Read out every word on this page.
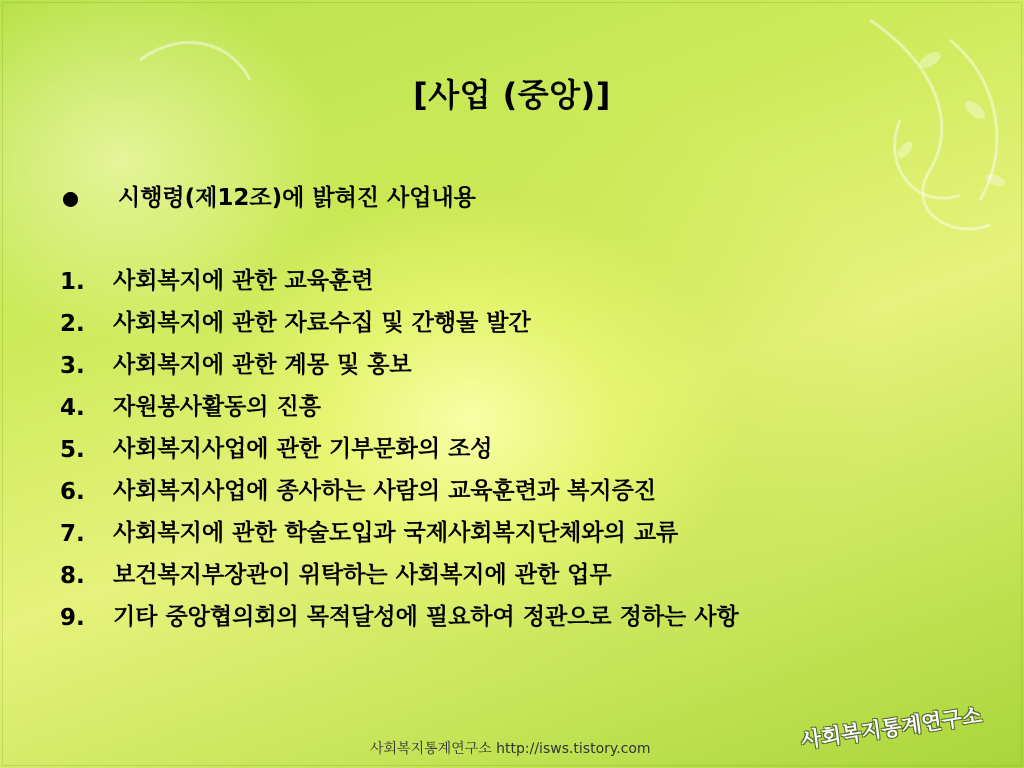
[사업 (중앙)]
시행령(제12조)에 밝혀진 사업내용
1.	사회복지에 관한 교육훈련
2.	사회복지에 관한 자료수집 및 간행물 발간
3.	사회복지에 관한 계몽 및 홍보
4.	자원봉사활동의 진흥
5.	사회복지사업에 관한 기부문화의 조성
6.	사회복지사업에 종사하는 사람의 교육훈련과 복지증진
7.	사회복지에 관한 학술도입과 국제사회복지단체와의 교류
8.	보건복지부장관이 위탁하는 사회복지에 관한 업무
9.	기타 중앙협의회의 목적달성에 필요하여 정관으로 정하는 사항
사회복지통계연구소
사회복지통계연구소 http://isws.tistory.com
